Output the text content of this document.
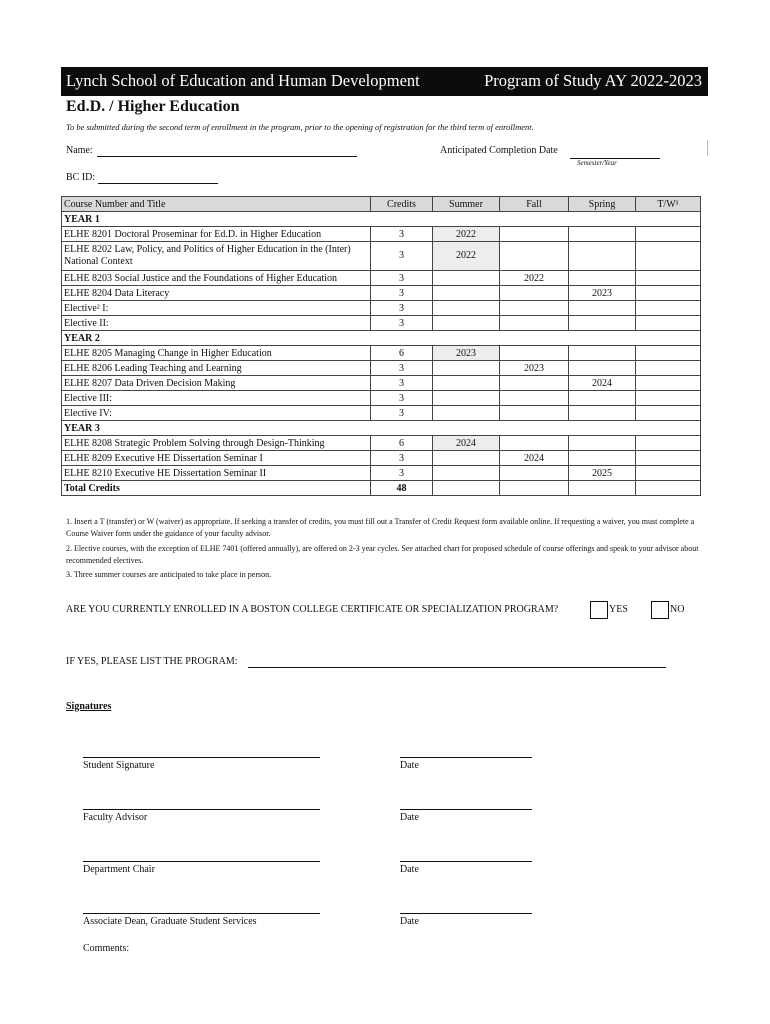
Lynch School of Education and Human Development	Program of Study AY 2022-2023
Ed.D. / Higher Education
To be submitted during the second term of enrollment in the program, prior to the opening of registration for the third term of enrollment.
Name:	Anticipated Completion Date
Semester/Year
BC ID:
Course Number and Title	Credits	Summer	Fall	Spring	T/W¹
YEAR 1					
ELHE 8201 Doctoral Proseminar for Ed.D. in Higher Education	3	2022			
ELHE 8202 Law, Policy, and Politics of Higher Education in the (Inter) National Context	3	2022			
ELHE 8203 Social Justice and the Foundations of Higher Education	3		2022		
ELHE 8204 Data Literacy	3			2023	
Elective² I:	3				
Elective II:	3				
YEAR 2					
ELHE 8205 Managing Change in Higher Education	6	2023			
ELHE 8206 Leading Teaching and Learning	3		2023		
ELHE 8207 Data Driven Decision Making	3			2024	
Elective III:	3				
Elective IV:	3				
YEAR 3					
ELHE 8208 Strategic Problem Solving through Design-Thinking	6	2024			
ELHE 8209 Executive HE Dissertation Seminar I	3		2024		
ELHE 8210 Executive HE Dissertation Seminar II	3			2025	
Total Credits	48				
1. Insert a T (transfer) or W (waiver) as appropriate. If seeking a transfer of credits, you must fill out a Transfer of Credit Request form available online. If requesting a waiver, you must complete a Course Waiver form under the guidance of your faculty advisor.
2. Elective courses, with the exception of ELHE 7401 (offered annually), are offered on 2-3 year cycles. See attached chart for proposed schedule of course offerings and speak to your advisor about recommended electives.
3. Three summer courses are anticipated to take place in person.
ARE YOU CURRENTLY ENROLLED IN A BOSTON COLLEGE CERTIFICATE OR SPECIALIZATION PROGRAM?	YES	NO
IF YES, PLEASE LIST THE PROGRAM:
Signatures
Student Signature	Date
Faculty Advisor	Date
Department Chair	Date
Associate Dean, Graduate Student Services	Date
Comments:
